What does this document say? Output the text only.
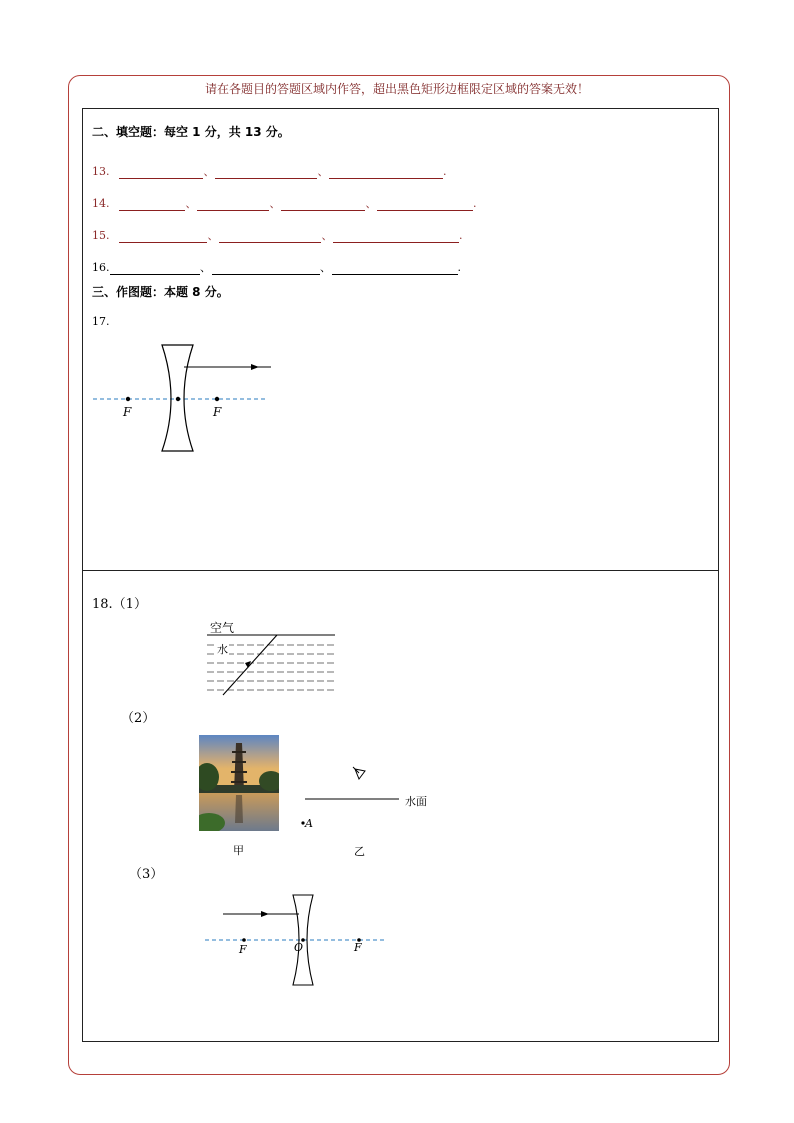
请在各题目的答题区域内作答，超出黑色矩形边框限定区域的答案无效！
二、填空题：每空 1 分，共 13 分。
13.	、	、	.
14.	、	、	、	.
15.	、	、	.
16.	、	、	.
三、作图题：本题 8 分。
17.
F	F
18.（1）
空气
水
（2）
水面
A
甲	乙
（3）
F	O	F
